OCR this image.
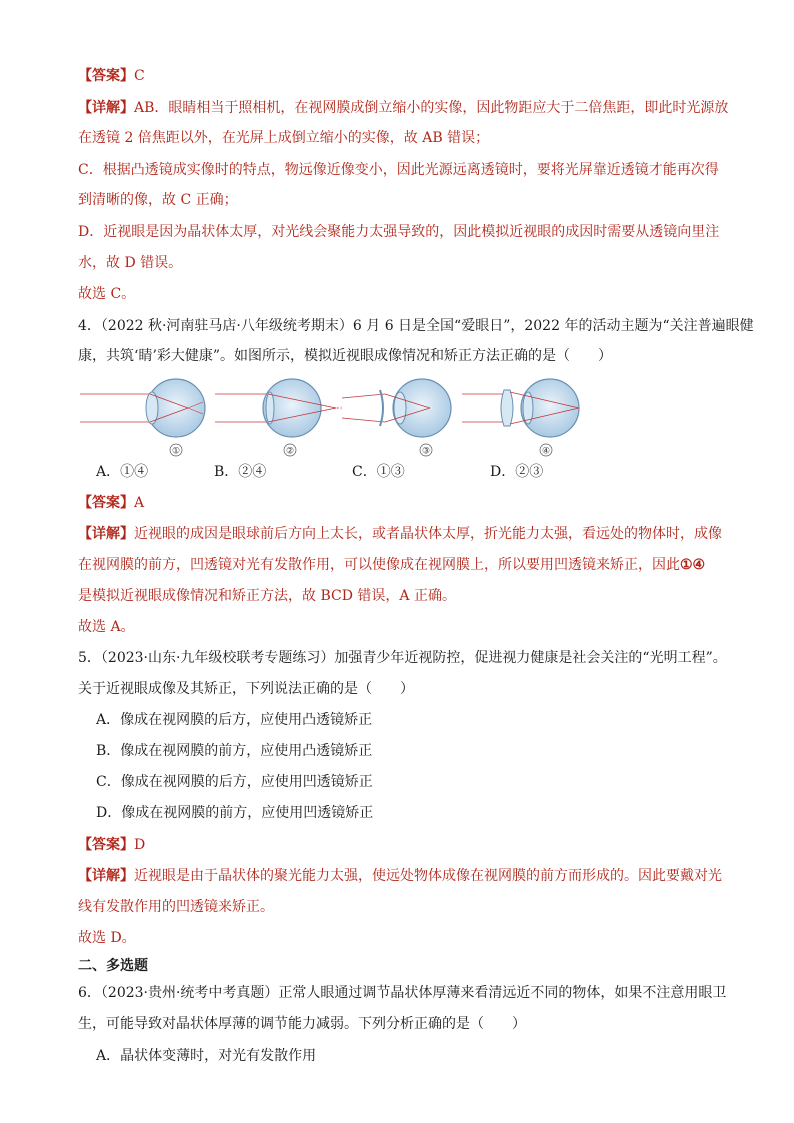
【答案】C
【详解】AB．眼睛相当于照相机，在视网膜成倒立缩小的实像，因此物距应大于二倍焦距，即此时光源放
在透镜 2 倍焦距以外，在光屏上成倒立缩小的实像，故 AB 错误；
C．根据凸透镜成实像时的特点，物远像近像变小，因此光源远离透镜时，要将光屏靠近透镜才能再次得
到清晰的像，故 C 正确；
D．近视眼是因为晶状体太厚，对光线会聚能力太强导致的，因此模拟近视眼的成因时需要从透镜向里注
水，故 D 错误。
故选 C。
4．（2022 秋·河南驻马店·八年级统考期末）6 月 6 日是全国“爱眼日”，2022 年的活动主题为“关注普遍眼健
康，共筑‘睛’彩大健康”。如图所示，模拟近视眼成像情况和矫正方法正确的是（　　）
①	②	③	④
A．①④	B．②④	C．①③	D．②③
【答案】A
【详解】近视眼的成因是眼球前后方向上太长，或者晶状体太厚，折光能力太强，看远处的物体时，成像
在视网膜的前方，凹透镜对光有发散作用，可以使像成在视网膜上，所以要用凹透镜来矫正，因此①④
是模拟近视眼成像情况和矫正方法，故 BCD 错误，A 正确。
故选 A。
5．（2023·山东·九年级校联考专题练习）加强青少年近视防控，促进视力健康是社会关注的“光明工程”。
关于近视眼成像及其矫正，下列说法正确的是（　　）
A．像成在视网膜的后方，应使用凸透镜矫正
B．像成在视网膜的前方，应使用凸透镜矫正
C．像成在视网膜的后方，应使用凹透镜矫正
D．像成在视网膜的前方，应使用凹透镜矫正
【答案】D
【详解】近视眼是由于晶状体的聚光能力太强，使远处物体成像在视网膜的前方而形成的。因此要戴对光
线有发散作用的凹透镜来矫正。
故选 D。
二、多选题
6．（2023·贵州·统考中考真题）正常人眼通过调节晶状体厚薄来看清远近不同的物体，如果不注意用眼卫
生，可能导致对晶状体厚薄的调节能力减弱。下列分析正确的是（　　）
A．晶状体变薄时，对光有发散作用
